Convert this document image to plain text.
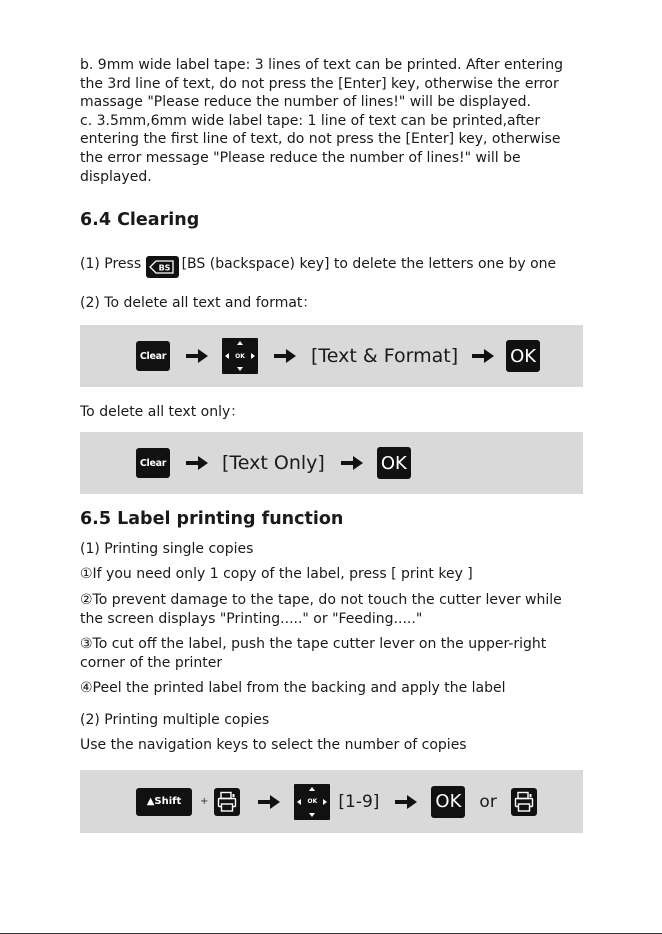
b. 9mm wide label tape: 3 lines of text can be printed. After entering
the 3rd line of text, do not press the [Enter] key, otherwise the error
massage "Please reduce the number of lines!" will be displayed.
c. 3.5mm,6mm wide label tape: 1 line of text can be printed,after
entering the first line of text, do not press the [Enter] key, otherwise
the error message "Please reduce the number of lines!" will be
displayed.
6.4 Clearing

(1) Press BS [BS (backspace) key] to delete the letters one by one

(2) To delete all text and format：

Clear	OK	[Text & Format]	OK

To delete all text only：

Clear	[Text Only]	OK
6.5 Label printing function

(1) Printing single copies

①If you need only 1 copy of the label, press [ print key ]

②To prevent damage to the tape, do not touch the cutter lever while
the screen displays "Printing....." or "Feeding....."
③To cut off the label, push the tape cutter lever on the upper-right
corner of the printer

④Peel the printed label from the backing and apply the label

(2) Printing multiple copies

Use the navigation keys to select the number of copies

▲Shift	+	OK	[1-9]	OK or
